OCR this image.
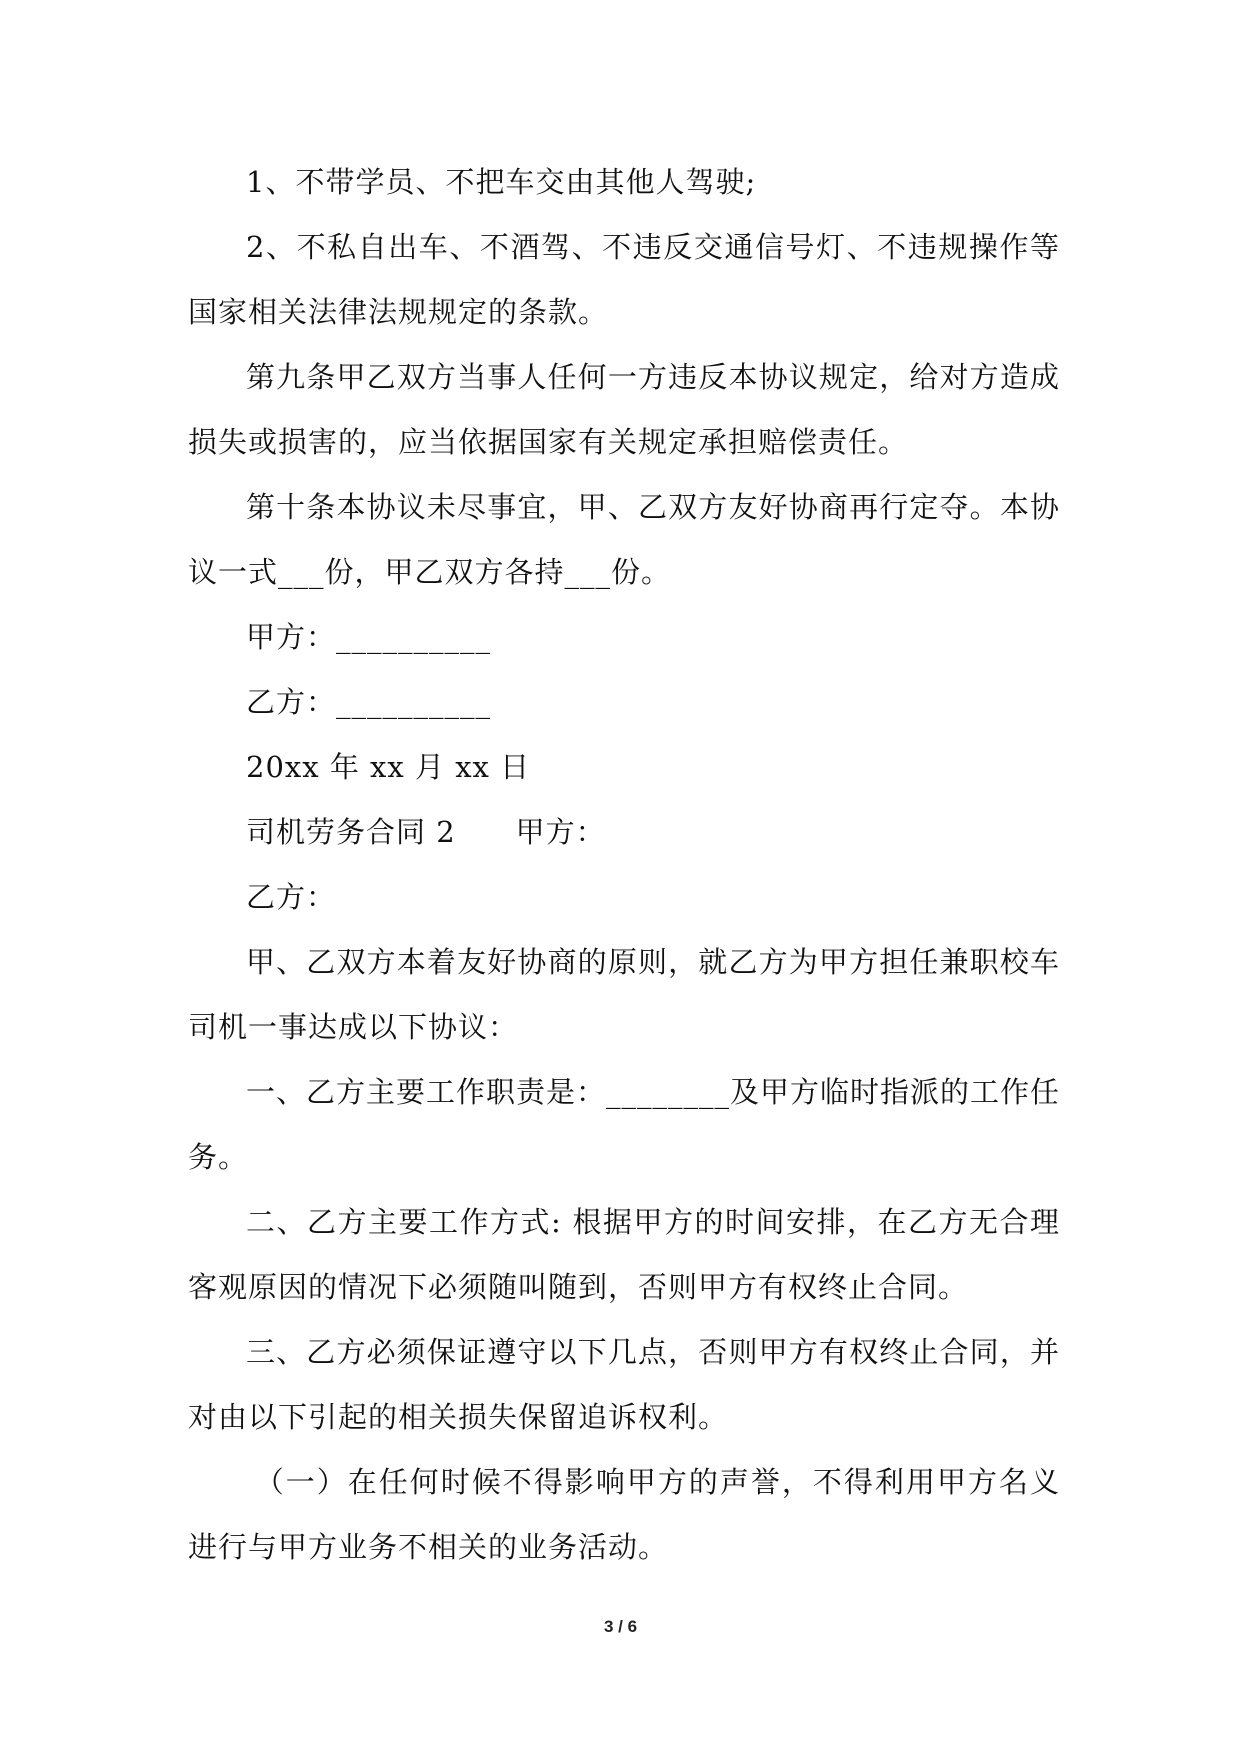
1、不带学员、不把车交由其他人驾驶;

2、不私自出车、不酒驾、不违反交通信号灯、不违规操作等国家相关法律法规规定的条款。

第九条甲乙双方当事人任何一方违反本协议规定，给对方造成损失或损害的，应当依据国家有关规定承担赔偿责任。

第十条本协议未尽事宜，甲、乙双方友好协商再行定夺。本协议一式___份，甲乙双方各持___份。

甲方：__________

乙方：__________

20xx 年 xx 月 xx 日

司机劳务合同 2 甲方：

乙方：

甲、乙双方本着友好协商的原则，就乙方为甲方担任兼职校车司机一事达成以下协议：

一、乙方主要工作职责是：________及甲方临时指派的工作任务。

二、乙方主要工作方式: 根据甲方的时间安排，在乙方无合理客观原因的情况下必须随叫随到，否则甲方有权终止合同。

三、乙方必须保证遵守以下几点，否则甲方有权终止合同，并对由以下引起的相关损失保留追诉权利。

（一）在任何时候不得影响甲方的声誉，不得利用甲方名义进行与甲方业务不相关的业务活动。

3 / 6
